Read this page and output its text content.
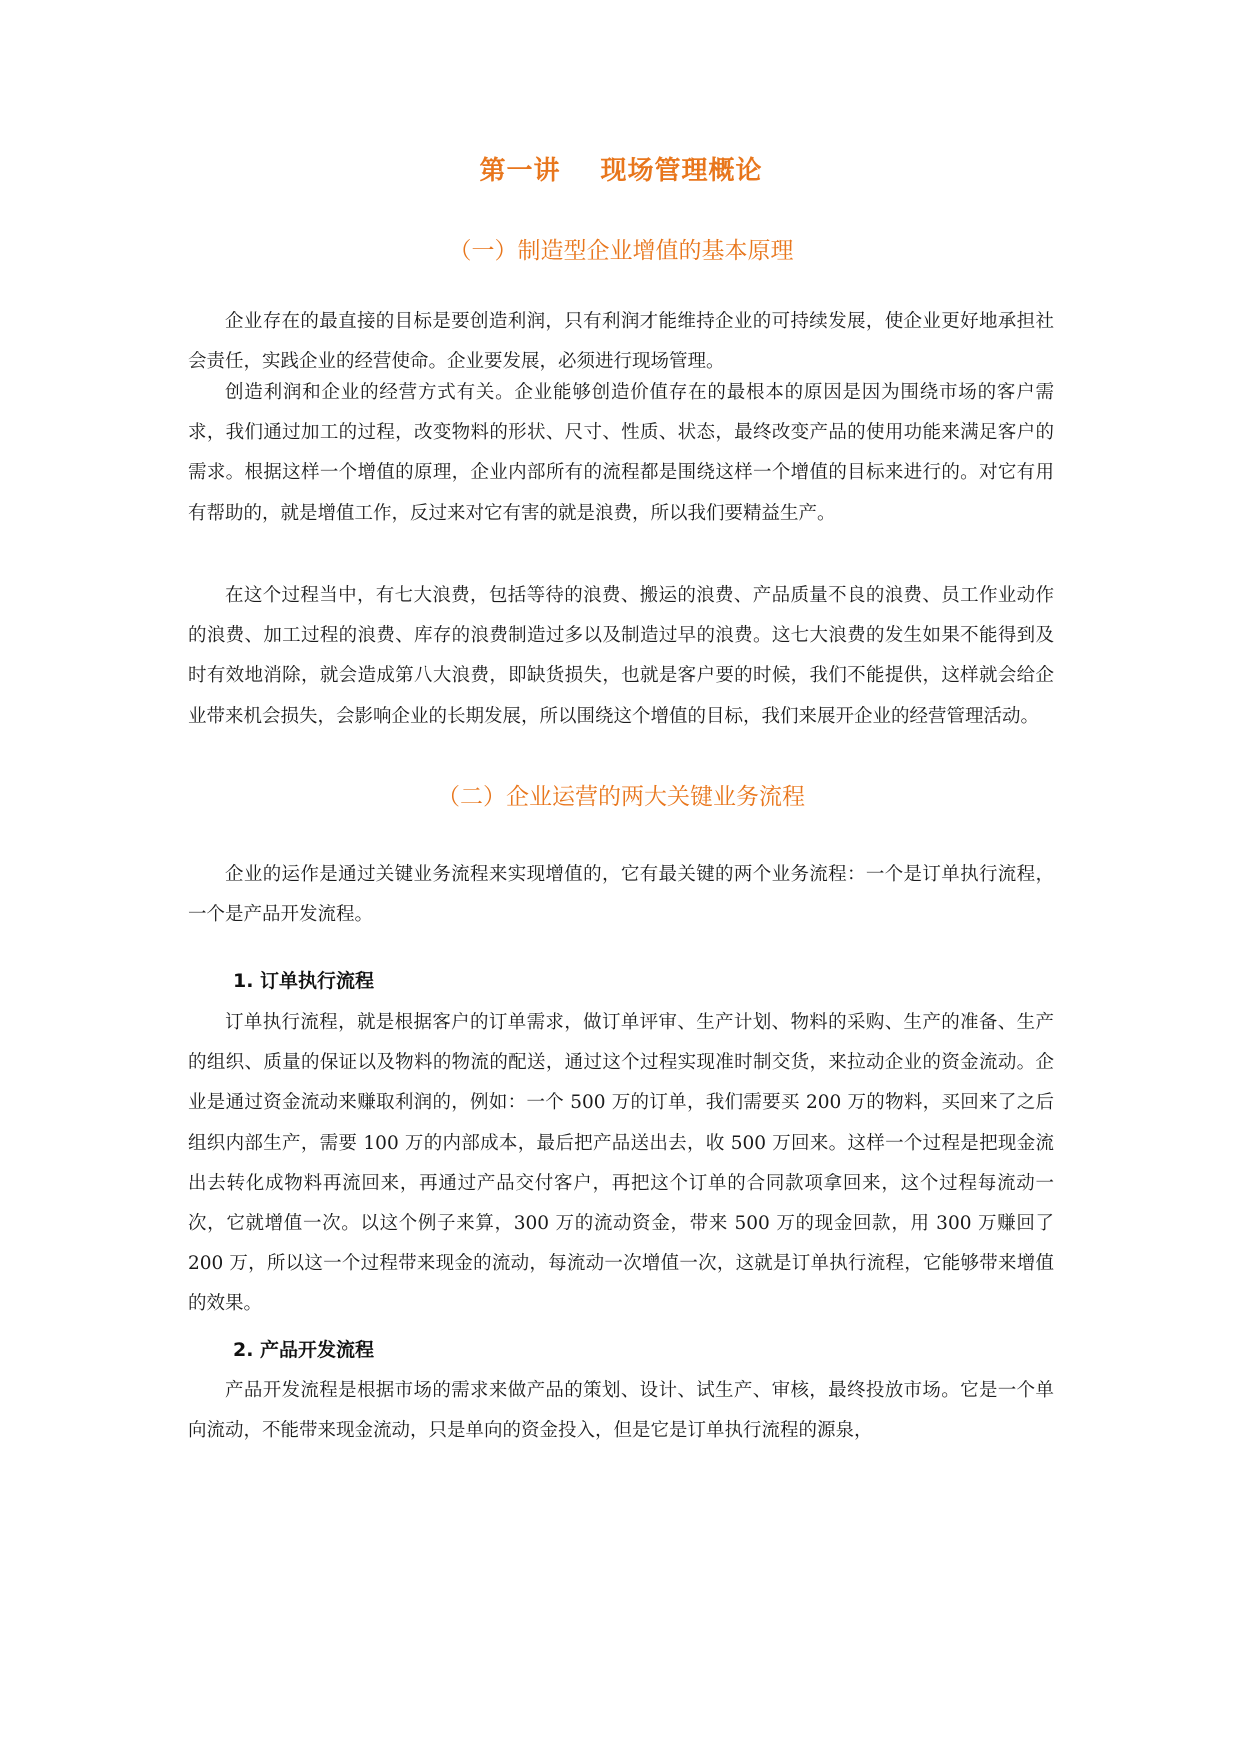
第一讲 现场管理概论
（一）制造型企业增值的基本原理

企业存在的最直接的目标是要创造利润，只有利润才能维持企业的可持续发展，使企业更好地承担社会责任，实践企业的经营使命。企业要发展，必须进行现场管理。

创造利润和企业的经营方式有关。企业能够创造价值存在的最根本的原因是因为围绕市场的客户需求，我们通过加工的过程，改变物料的形状、尺寸、性质、状态，最终改变产品的使用功能来满足客户的需求。根据这样一个增值的原理，企业内部所有的流程都是围绕这样一个增值的目标来进行的。对它有用有帮助的，就是增值工作，反过来对它有害的就是浪费，所以我们要精益生产。

在这个过程当中，有七大浪费，包括等待的浪费、搬运的浪费、产品质量不良的浪费、员工作业动作的浪费、加工过程的浪费、库存的浪费制造过多以及制造过早的浪费。这七大浪费的发生如果不能得到及时有效地消除，就会造成第八大浪费，即缺货损失，也就是客户要的时候，我们不能提供，这样就会给企业带来机会损失，会影响企业的长期发展，所以围绕这个增值的目标，我们来展开企业的经营管理活动。

（二）企业运营的两大关键业务流程

企业的运作是通过关键业务流程来实现增值的，它有最关键的两个业务流程：一个是订单执行流程，一个是产品开发流程。

1. 订单执行流程

订单执行流程，就是根据客户的订单需求，做订单评审、生产计划、物料的采购、生产的准备、生产的组织、质量的保证以及物料的物流的配送，通过这个过程实现准时制交货，来拉动企业的资金流动。企业是通过资金流动来赚取利润的，例如：一个 500 万的订单，我们需要买 200 万的物料，买回来了之后组织内部生产，需要 100 万的内部成本，最后把产品送出去，收 500 万回来。这样一个过程是把现金流出去转化成物料再流回来，再通过产品交付客户，再把这个订单的合同款项拿回来，这个过程每流动一次，它就增值一次。以这个例子来算，300 万的流动资金，带来 500 万的现金回款，用 300 万赚回了 200 万，所以这一个过程带来现金的流动，每流动一次增值一次，这就是订单执行流程，它能够带来增值的效果。

2. 产品开发流程

产品开发流程是根据市场的需求来做产品的策划、设计、试生产、审核，最终投放市场。它是一个单向流动，不能带来现金流动，只是单向的资金投入，但是它是订单执行流程的源泉，
